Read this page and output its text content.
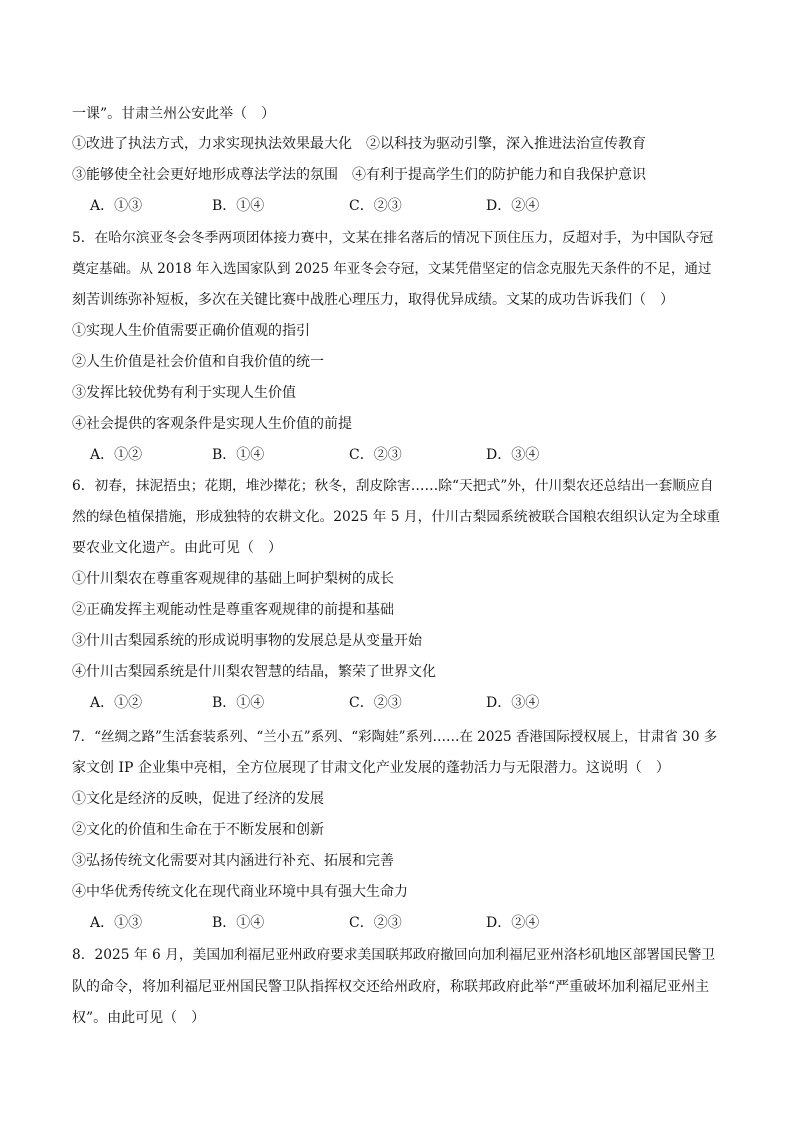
一课”。甘肃兰州公安此举（　）
①改进了执法方式，力求实现执法效果最大化　②以科技为驱动引擎，深入推进法治宣传教育
③能够使全社会更好地形成尊法学法的氛围　④有利于提高学生们的防护能力和自我保护意识
A．①③	B．①④	C．②③	D．②④
5．在哈尔滨亚冬会冬季两项团体接力赛中，文某在排名落后的情况下顶住压力，反超对手，为中国队夺冠
奠定基础。从 2018 年入选国家队到 2025 年亚冬会夺冠，文某凭借坚定的信念克服先天条件的不足，通过
刻苦训练弥补短板，多次在关键比赛中战胜心理压力，取得优异成绩。文某的成功告诉我们（　）
①实现人生价值需要正确价值观的指引
②人生价值是社会价值和自我价值的统一
③发挥比较优势有利于实现人生价值
④社会提供的客观条件是实现人生价值的前提
A．①②	B．①④	C．②③	D．③④
6．初春，抹泥捂虫；花期，堆沙撵花；秋冬，刮皮除害……除“天把式”外，什川梨农还总结出一套顺应自
然的绿色植保措施，形成独特的农耕文化。2025 年 5 月，什川古梨园系统被联合国粮农组织认定为全球重
要农业文化遗产。由此可见（　）
①什川梨农在尊重客观规律的基础上呵护梨树的成长
②正确发挥主观能动性是尊重客观规律的前提和基础
③什川古梨园系统的形成说明事物的发展总是从变量开始
④什川古梨园系统是什川梨农智慧的结晶，繁荣了世界文化
A．①②	B．①④	C．②③	D．③④
7．“丝绸之路”生活套装系列、“兰小五”系列、“彩陶娃”系列……在 2025 香港国际授权展上，甘肃省 30 多
家文创 IP 企业集中亮相，全方位展现了甘肃文化产业发展的蓬勃活力与无限潜力。这说明（　）
①文化是经济的反映，促进了经济的发展
②文化的价值和生命在于不断发展和创新
③弘扬传统文化需要对其内涵进行补充、拓展和完善
④中华优秀传统文化在现代商业环境中具有强大生命力
A．①③	B．①④	C．②③	D．②④
8．2025 年 6 月，美国加利福尼亚州政府要求美国联邦政府撤回向加利福尼亚州洛杉矶地区部署国民警卫
队的命令，将加利福尼亚州国民警卫队指挥权交还给州政府，称联邦政府此举“严重破坏加利福尼亚州主
权”。由此可见（　）
